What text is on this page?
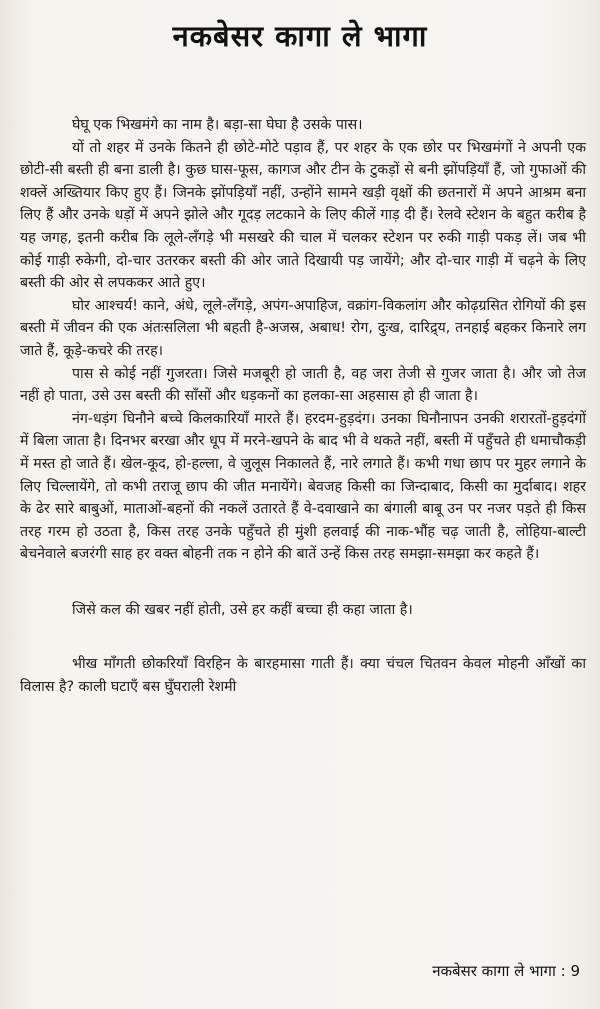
नकबेसर कागा ले भागा

घेघू एक भिखमंगे का नाम है। बड़ा-सा घेघा है उसके पास।

यों तो शहर में उनके कितने ही छोटे-मोटे पड़ाव हैं, पर शहर के एक छोर पर भिखमंगों ने अपनी एक छोटी-सी बस्ती ही बना डाली है। कुछ घास-फूस, कागज और टीन के टुकड़ों से बनी झोंपड़ियाँ हैं, जो गुफाओं की शक्लें अख्तियार किए हुए हैं। जिनके झोंपड़ियाँ नहीं, उन्होंने सामने खड़ी वृक्षों की छतनारों में अपने आश्रम बना लिए हैं और उनके धड़ों में अपने झोले और गूदड़ लटकाने के लिए कीलें गाड़ दी हैं। रेलवे स्टेशन के बहुत करीब है यह जगह, इतनी करीब कि लूले-लँगड़े भी मसखरे की चाल में चलकर स्टेशन पर रुकी गाड़ी पकड़ लें। जब भी कोई गाड़ी रुकेगी, दो-चार उतरकर बस्ती की ओर जाते दिखायी पड़ जायेंगे; और दो-चार गाड़ी में चढ़ने के लिए बस्ती की ओर से लपककर आते हुए।

घोर आश्चर्य! काने, अंधे, लूले-लँगड़े, अपंग-अपाहिज, वक्रांग-विकलांग और कोढ़ग्रसित रोगियों की इस बस्ती में जीवन की एक अंतःसलिला भी बहती है-अजस्र, अबाध! रोग, दुःख, दारिद्र्य, तनहाई बहकर किनारे लग जाते हैं, कूड़े-कचरे की तरह।

पास से कोई नहीं गुजरता। जिसे मजबूरी हो जाती है, वह जरा तेजी से गुजर जाता है। और जो तेज नहीं हो पाता, उसे उस बस्ती की साँसों और धड़कनों का हलका-सा अहसास हो ही जाता है।

नंग-धड़ंग घिनौने बच्चे किलकारियाँ मारते हैं। हरदम-हुड़दंग। उनका घिनौनापन उनकी शरारतों-हुड़दंगों में बिला जाता है। दिनभर बरखा और धूप में मरने-खपने के बाद भी वे थकते नहीं, बस्ती में पहुँचते ही धमाचौकड़ी में मस्त हो जाते हैं। खेल-कूद, हो-हल्ला, वे जुलूस निकालते हैं, नारे लगाते हैं। कभी गधा छाप पर मुहर लगाने के लिए चिल्लायेंगे, तो कभी तराजू छाप की जीत मनायेंगे। बेवजह किसी का जिन्दाबाद, किसी का मुर्दाबाद। शहर के ढेर सारे बाबुओं, माताओं-बहनों की नकलें उतारते हैं वे-दवाखाने का बंगाली बाबू उन पर नजर पड़ते ही किस तरह गरम हो उठता है, किस तरह उनके पहुँचते ही मुंशी हलवाई की नाक-भौंह चढ़ जाती है, लोहिया-बाल्टी बेचनेवाले बजरंगी साह हर वक्त बोहनी तक न होने की बातें उन्हें किस तरह समझा-समझा कर कहते हैं।

जिसे कल की खबर नहीं होती, उसे हर कहीं बच्चा ही कहा जाता है।

भीख माँगती छोकरियाँ विरहिन के बारहमासा गाती हैं। क्या चंचल चितवन केवल मोहनी आँखों का विलास है? काली घटाएँ बस घुँघराली रेशमी

नकबेसर कागा ले भागा : 9
